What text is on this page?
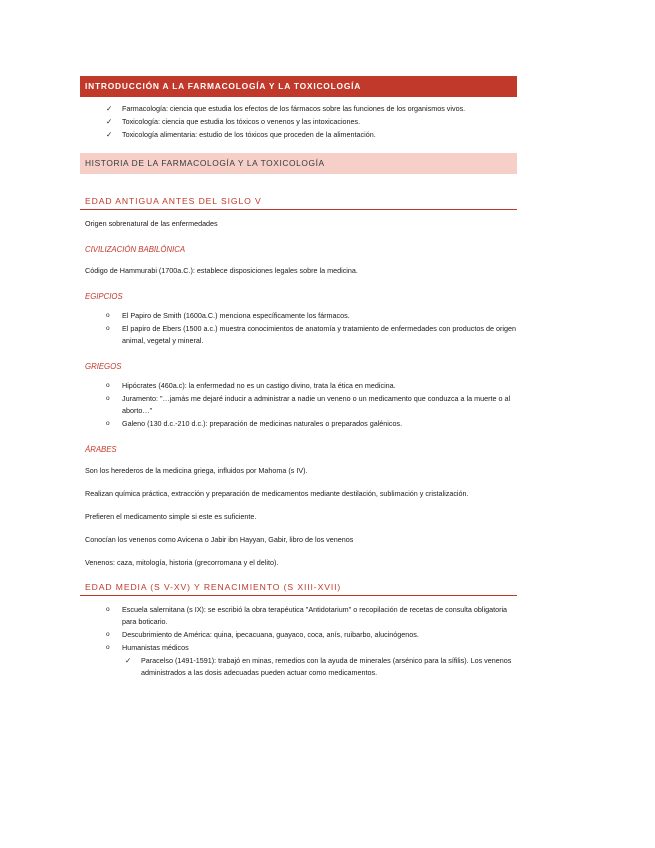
INTRODUCCIÓN A LA FARMACOLOGÍA Y LA TOXICOLOGÍA
✓ Farmacología: ciencia que estudia los efectos de los fármacos sobre las funciones de los organismos vivos.
✓ Toxicología: ciencia que estudia los tóxicos o venenos y las intoxicaciones.
✓ Toxicología alimentaria: estudio de los tóxicos que proceden de la alimentación.
HISTORIA DE LA FARMACOLOGÍA Y LA TOXICOLOGÍA
EDAD ANTIGUA ANTES DEL SIGLO V

Origen sobrenatural de las enfermedades

CIVILIZACIÓN BABILÓNICA

Código de Hammurabi (1700a.C.): establece disposiciones legales sobre la medicina.

EGIPCIOS
o El Papiro de Smith (1600a.C.) menciona específicamente los fármacos.
o El papiro de Ebers (1500 a.c.) muestra conocimientos de anatomía y tratamiento de enfermedades con productos de origen animal, vegetal y mineral.
GRIEGOS
o Hipócrates (460a.c): la enfermedad no es un castigo divino, trata la ética en medicina.
o Juramento: "…jamás me dejaré inducir a administrar a nadie un veneno o un medicamento que conduzca a la muerte o al aborto…"
o Galeno (130 d.c.-210 d.c.): preparación de medicinas naturales o preparados galénicos.
ÁRABES

Son los herederos de la medicina griega, influidos por Mahoma (s IV).

Realizan química práctica, extracción y preparación de medicamentos mediante destilación, sublimación y cristalización.

Prefieren el medicamento simple si este es suficiente.

Conocían los venenos como Avicena o Jabir ibn Hayyan, Gabir, libro de los venenos

Venenos: caza, mitología, historia (grecorromana y el delito).

EDAD MEDIA (S V-XV) Y RENACIMIENTO (S XIII-XVII)
o Escuela salernitana (s IX): se escribió la obra terapéutica "Antidotarium" o recopilación de recetas de consulta obligatoria para boticario.
o Descubrimiento de América: quina, ipecacuana, guayaco, coca, anís, ruibarbo, alucinógenos.
o Humanistas médicos
✓ Paracelso (1491-1591): trabajó en minas, remedios con la ayuda de minerales (arsénico para la sífilis). Los venenos administrados a las dosis adecuadas pueden actuar como medicamentos.
